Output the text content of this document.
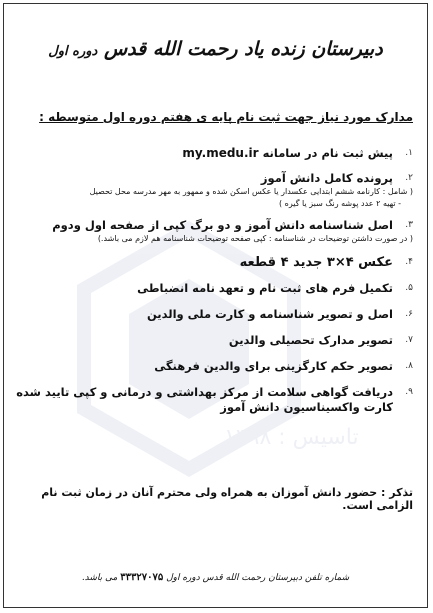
تاسیس : ۱۳۹۸
دبیرستان زنده یاد رحمت الله قدس دوره اول
مدارک مورد نیاز جهت ثبت نام پایه ی هفتم دوره اول متوسطه :
۱.
پیش ثبت نام در سامانه my.medu.ir
۲.
پرونده کامل دانش آموز
( شامل : کارنامه ششم ابتدایی عکسدار یا عکس اسکن شده و ممهور به مهر مدرسه محل تحصیل
- تهیه ۲ عدد پوشه رنگ سبز یا گیره )
۳.
اصل شناسنامه دانش آموز و دو برگ کپی از صفحه اول ودوم
( در صورت داشتن توضیحات در شناسنامه : کپی صفحه توضیحات شناسنامه هم لازم می باشد.)
۴.
عکس ۴×۳ جدید ۴ قطعه
۵.
تکمیل فرم های ثبت نام و تعهد نامه انضباطی
۶.
اصل و تصویر شناسنامه و کارت ملی والدین
۷.
تصویر مدارک تحصیلی والدین
۸.
تصویر حکم کارگزینی برای والدین فرهنگی
۹.
دریافت گواهی سلامت از مرکز بهداشتی و درمانی و کپی تایید شده کارت واکسیناسیون دانش آموز
تذکر : حضور دانش آموزان به همراه ولی محترم آنان در زمان ثبت نام الزامی است.
شماره تلفن دبیرستان رحمت الله قدس دوره اول ۳۳۳۲۷۰۷۵ می باشد.
